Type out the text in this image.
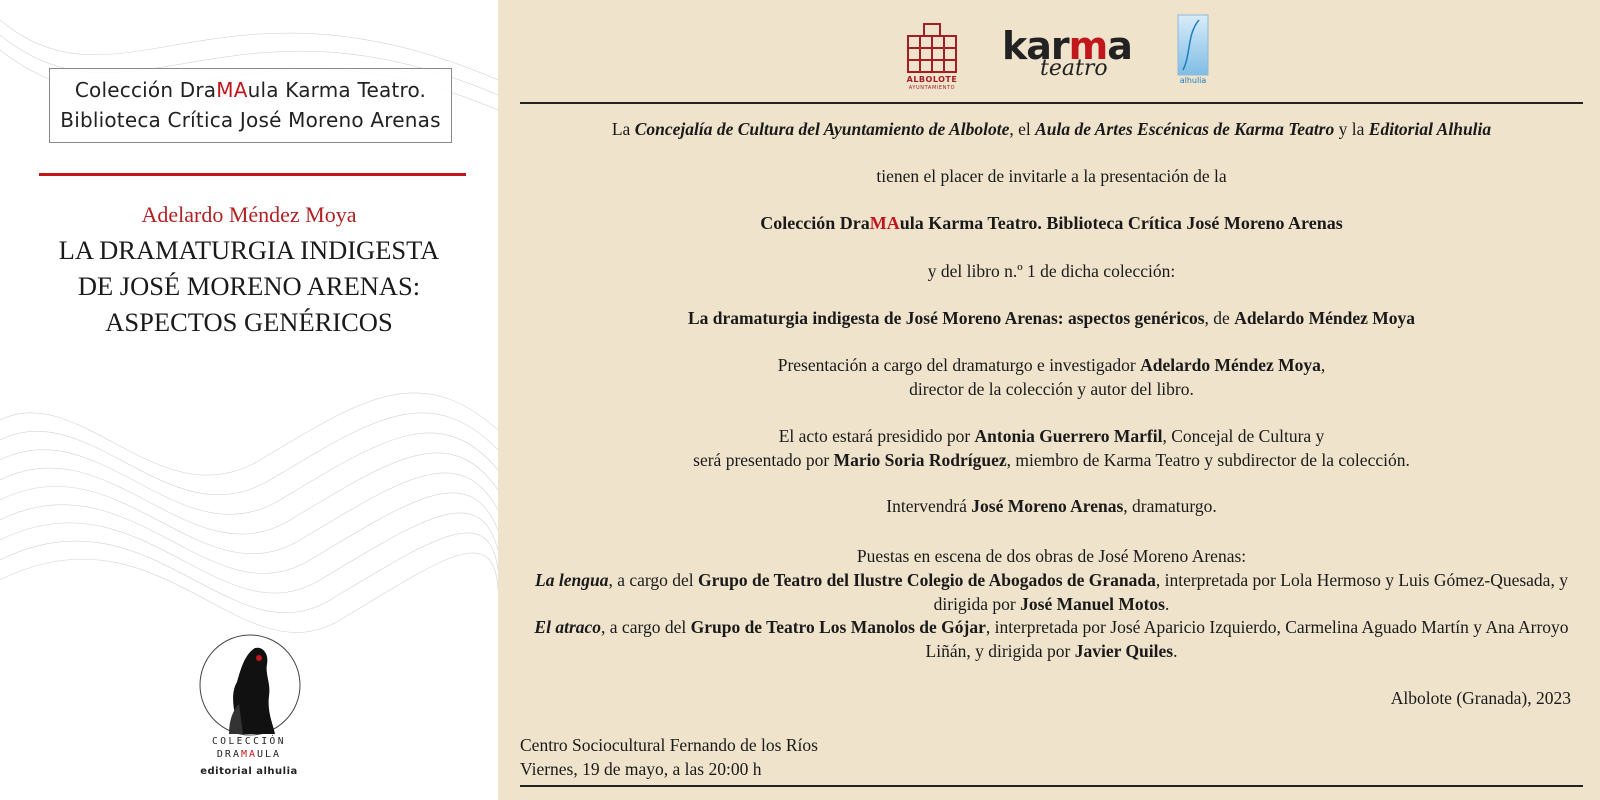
Colección DraMAula Karma Teatro.
Biblioteca Crítica José Moreno Arenas
Adelardo Méndez Moya
LA DRAMATURGIA INDIGESTA
DE JOSÉ MORENO ARENAS:
ASPECTOS GENÉRICOS
COLECCIÓN
DRAMAULA
editorial alhulia
ALBOLOTE
AYUNTAMIENTO
karma
teatro	alhulia
La Concejalía de Cultura del Ayuntamiento de Albolote, el Aula de Artes Escénicas de Karma Teatro y la Editorial Alhulia
tienen el placer de invitarle a la presentación de la
Colección DraMAula Karma Teatro. Biblioteca Crítica José Moreno Arenas
y del libro n.º 1 de dicha colección:
La dramaturgia indigesta de José Moreno Arenas: aspectos genéricos, de Adelardo Méndez Moya
Presentación a cargo del dramaturgo e investigador Adelardo Méndez Moya,
director de la colección y autor del libro.
El acto estará presidido por Antonia Guerrero Marfil, Concejal de Cultura y
será presentado por Mario Soria Rodríguez, miembro de Karma Teatro y subdirector de la colección.
Intervendrá José Moreno Arenas, dramaturgo.
Puestas en escena de dos obras de José Moreno Arenas:
La lengua, a cargo del Grupo de Teatro del Ilustre Colegio de Abogados de Granada, interpretada por Lola Hermoso y Luis Gómez-Quesada, y dirigida por José Manuel Motos.
El atraco, a cargo del Grupo de Teatro Los Manolos de Gójar, interpretada por José Aparicio Izquierdo, Carmelina Aguado Martín y Ana Arroyo Liñán, y dirigida por Javier Quiles.
Albolote (Granada), 2023
Centro Sociocultural Fernando de los Ríos
Viernes, 19 de mayo, a las 20:00 h
